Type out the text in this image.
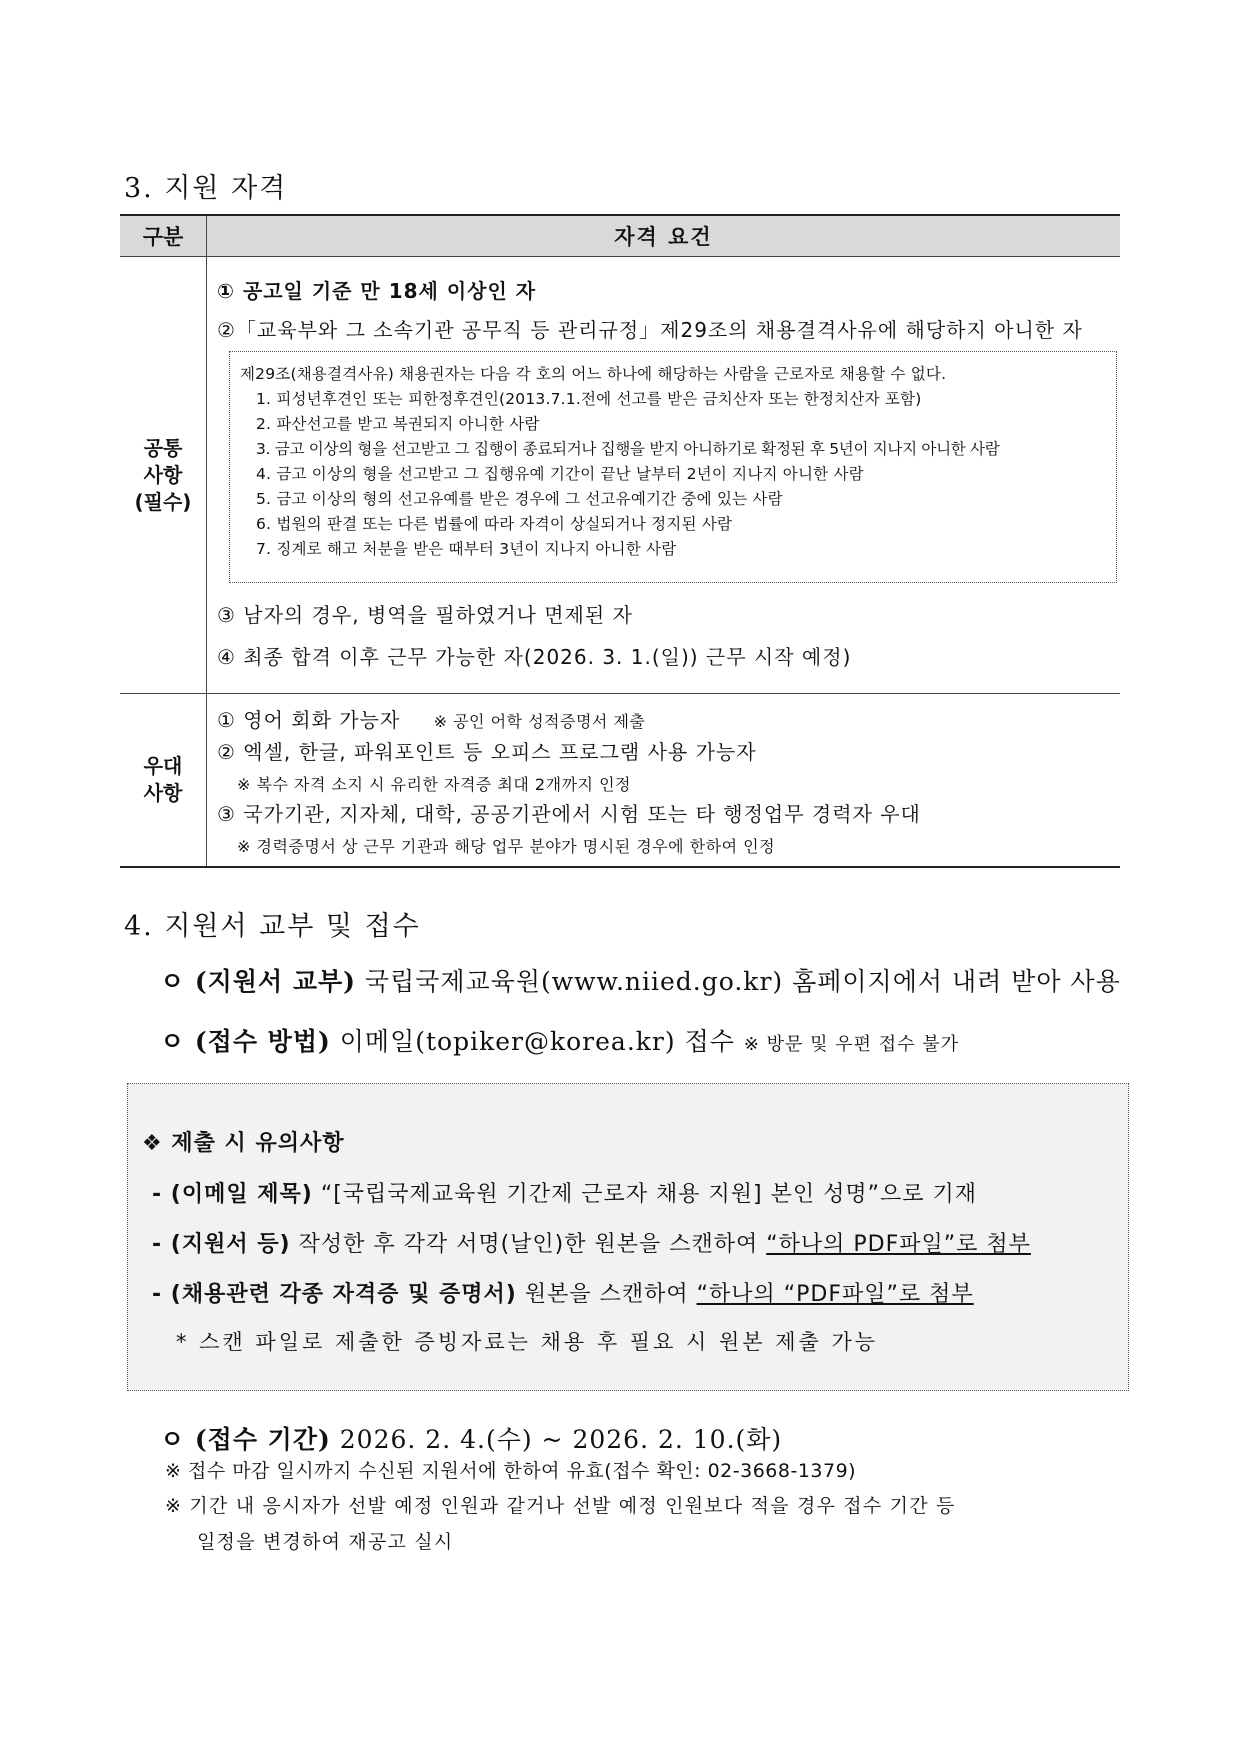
3. 지원 자격
구분	자격 요건
공통
사항
(필수)
① 공고일 기준 만 18세 이상인 자
②「교육부와 그 소속기관 공무직 등 관리규정」제29조의 채용결격사유에 해당하지 아니한 자
제29조(채용결격사유) 채용권자는 다음 각 호의 어느 하나에 해당하는 사람을 근로자로 채용할 수 없다.
1. 피성년후견인 또는 피한정후견인(2013.7.1.전에 선고를 받은 금치산자 또는 한정치산자 포함)
2. 파산선고를 받고 복권되지 아니한 사람
3. 금고 이상의 형을 선고받고 그 집행이 종료되거나 집행을 받지 아니하기로 확정된 후 5년이 지나지 아니한 사람
4. 금고 이상의 형을 선고받고 그 집행유예 기간이 끝난 날부터 2년이 지나지 아니한 사람
5. 금고 이상의 형의 선고유예를 받은 경우에 그 선고유예기간 중에 있는 사람
6. 법원의 판결 또는 다른 법률에 따라 자격이 상실되거나 정지된 사람
7. 징계로 해고 처분을 받은 때부터 3년이 지나지 아니한 사람
③ 남자의 경우, 병역을 필하였거나 면제된 자
④ 최종 합격 이후 근무 가능한 자(2026. 3. 1.(일)) 근무 시작 예정)
우대
사항
① 영어 회화 가능자 ※ 공인 어학 성적증명서 제출
② 엑셀, 한글, 파워포인트 등 오피스 프로그램 사용 가능자
※ 복수 자격 소지 시 유리한 자격증 최대 2개까지 인정
③ 국가기관, 지자체, 대학, 공공기관에서 시험 또는 타 행정업무 경력자 우대
※ 경력증명서 상 근무 기관과 해당 업무 분야가 명시된 경우에 한하여 인정
4. 지원서 교부 및 접수
ㅇ (지원서 교부) 국립국제교육원(www.niied.go.kr) 홈페이지에서 내려 받아 사용
ㅇ (접수 방법) 이메일(topiker@korea.kr) 접수 ※ 방문 및 우편 접수 불가
❖ 제출 시 유의사항
- (이메일 제목) “[국립국제교육원 기간제 근로자 채용 지원] 본인 성명”으로 기재
- (지원서 등) 작성한 후 각각 서명(날인)한 원본을 스캔하여 “하나의 PDF파일”로 첨부
- (채용관련 각종 자격증 및 증명서) 원본을 스캔하여 “하나의 “PDF파일”로 첨부
* 스캔 파일로 제출한 증빙자료는 채용 후 필요 시 원본 제출 가능
ㅇ (접수 기간) 2026. 2. 4.(수) ~ 2026. 2. 10.(화)
※ 접수 마감 일시까지 수신된 지원서에 한하여 유효(접수 확인: 02-3668-1379)
※ 기간 내 응시자가 선발 예정 인원과 같거나 선발 예정 인원보다 적을 경우 접수 기간 등
일정을 변경하여 재공고 실시
